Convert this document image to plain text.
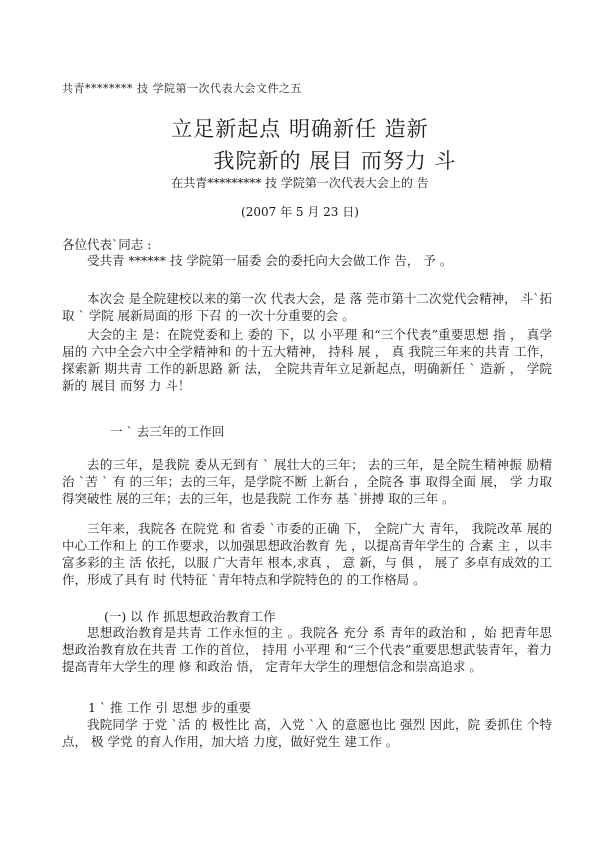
共青******** 技 学院第一次代表大会文件之五
立足新起点 明确新任 造新
我院新的 展目 而努力 斗
在共青********* 技 学院第一次代表大会上的 告
(2007 年 5 月 23 日)
各位代表ˋ同志 :
受共青 ****** 技 学院第一届委 会的委托向大会做工作 告， 予 。
本次会 是全院建校以来的第一次 代表大会，是 落 莞市第十二次党代会精神， 斗ˋ拓 取 ˋ 学院 展新局面的形 下召 的一次十分重要的会 。
大会的主 是：在院党委和上 委的 下，以 小平理 和“三个代表”重要思想 指 ， 真学 届的 六中全会六中全学精神和 的十五大精神， 持科 展 ， 真 我院三年来的共青 工作，探索新 期共青 工作的新思路 新 法， 全院共青年立足新起点，明确新任 ˋ 造新 ， 学院新的 展目 而努 力 斗！
一 ˋ 去三年的工作回
去的三年，是我院 委从无到有 ˋ 展壮大的三年； 去的三年，是全院生精神振 励精 治 ˋ苦 ˋ 有 的三年；去的三年，是学院不断 上新台 ，全院各 事 取得全面 展， 学 力取得突破性 展的三年；去的三年，也是我院 工作夯 基 ˋ拼搏 取的三年 。
三年来，我院各 在院党 和 省委 ˋ市委的正确 下， 全院广大 青年， 我院改革 展的中心工作和上 的工作要求，以加强思想政治教育 先 ，以提高青年学生的 合素 主 ，以丰富多彩的主 活 依托，以服 广大青年 根本,求真 ， 意 新，与 俱 ， 展了 多卓有成效的工作，形成了具有 时 代特征 ˋ青年特点和学院特色的 的工作格局 。
(一) 以 作 抓思想政治教育工作
思想政治教育是共青 工作永恒的主 。我院各 充分 系 青年的政治和 ，始 把青年思想政治教育放在共青 工作的首位， 持用 小平理 和“三个代表”重要思想武装青年，着力提高青年大学生的理 修 和政治 悟， 定青年大学生的理想信念和崇高追求 。
1 ˋ 推 工作 引 思想 步的重要
我院同学 于党 ˋ活 的 极性比 高，入党 ˋ入 的意愿也比 强烈 因此，院 委抓住 个特点， 极 学党 的育人作用，加大培 力度，做好党生 建工作 。
